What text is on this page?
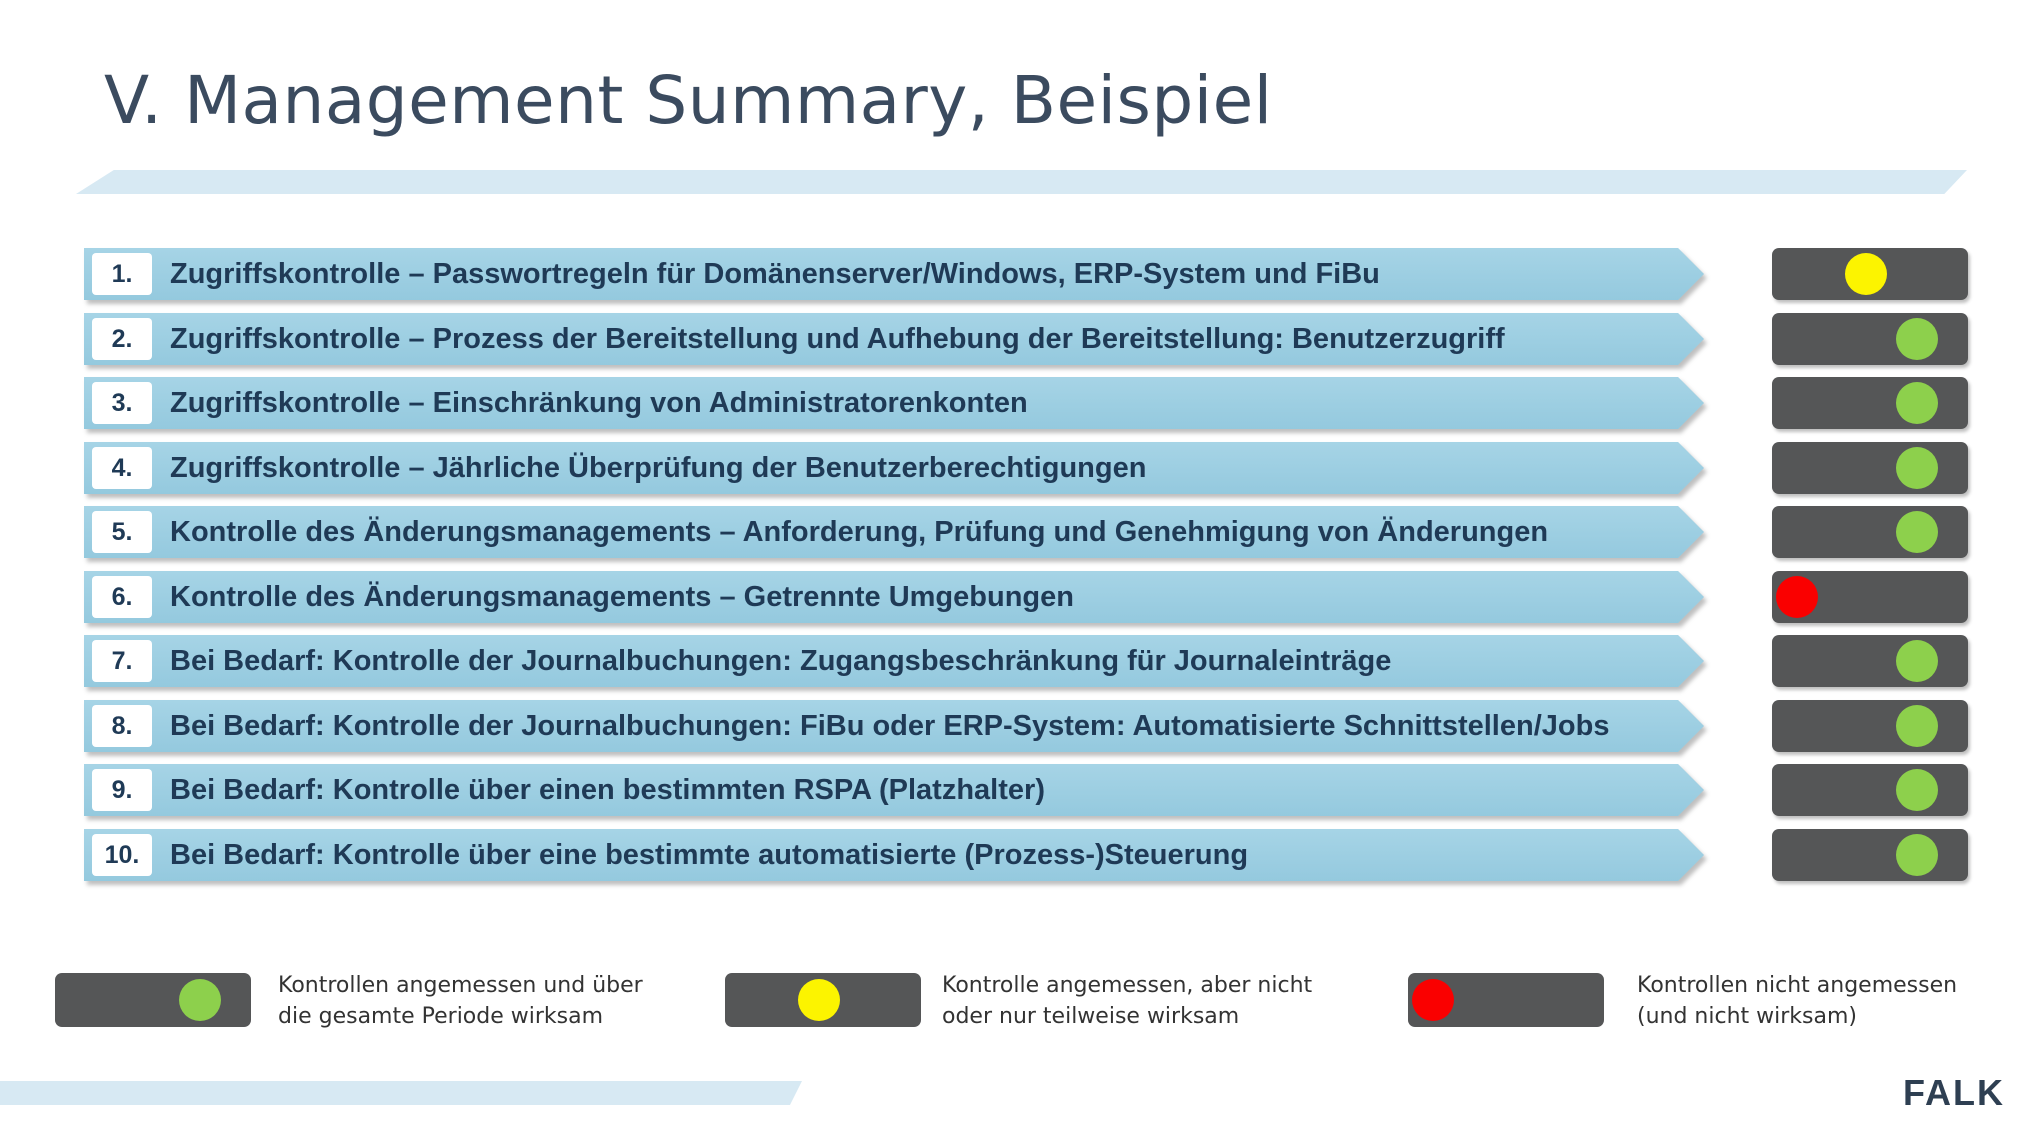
V. Management Summary, Beispiel
1.	Zugriffskontrolle – Passwortregeln für Domänenserver/Windows, ERP-System und FiBu
2.	Zugriffskontrolle – Prozess der Bereitstellung und Aufhebung der Bereitstellung: Benutzerzugriff
3.	Zugriffskontrolle – Einschränkung von Administratorenkonten
4.	Zugriffskontrolle – Jährliche Überprüfung der Benutzerberechtigungen
5.	Kontrolle des Änderungsmanagements – Anforderung, Prüfung und Genehmigung von Änderungen
6.	Kontrolle des Änderungsmanagements – Getrennte Umgebungen
7.	Bei Bedarf: Kontrolle der Journalbuchungen: Zugangsbeschränkung für Journaleinträge
8.	Bei Bedarf: Kontrolle der Journalbuchungen: FiBu oder ERP-System: Automatisierte Schnittstellen/Jobs
9.	Bei Bedarf: Kontrolle über einen bestimmten RSPA (Platzhalter)
10.	Bei Bedarf: Kontrolle über eine bestimmte automatisierte (Prozess-)Steuerung
Kontrollen angemessen und über
die gesamte Periode wirksam
Kontrolle angemessen, aber nicht
oder nur teilweise wirksam
Kontrollen nicht angemessen
(und nicht wirksam)
FALK
